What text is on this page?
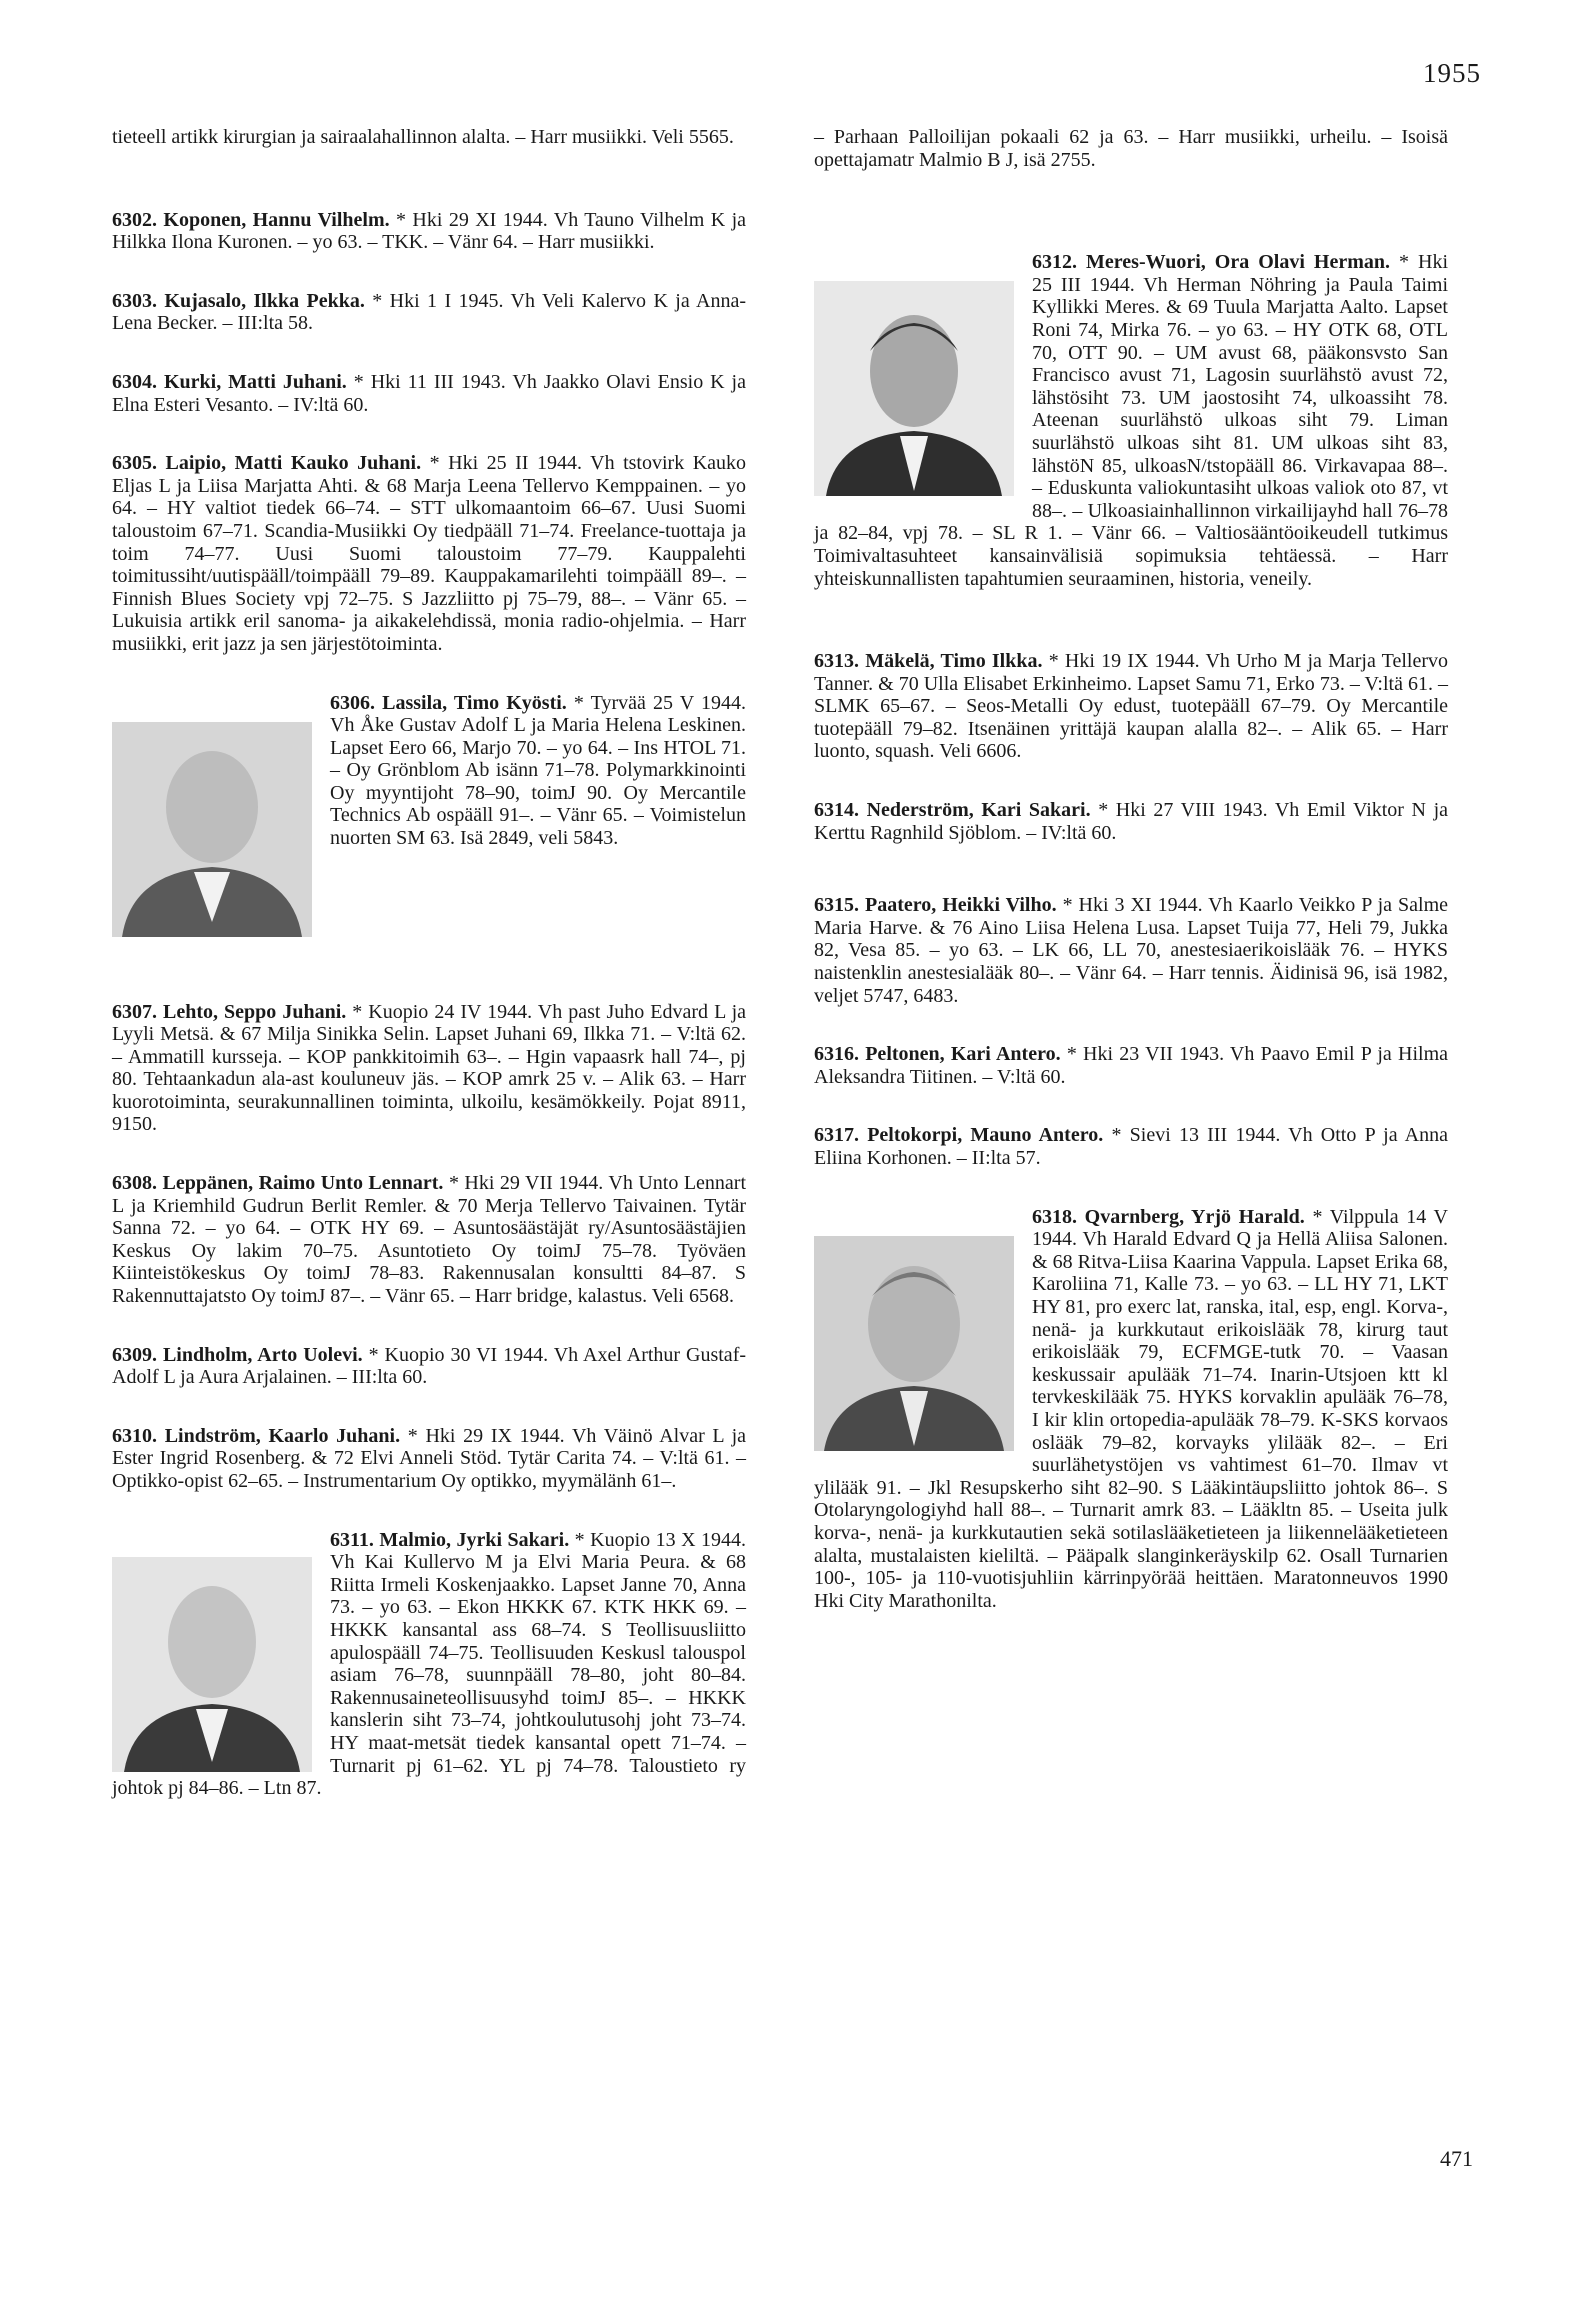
1955

tieteell artikk kirurgian ja sairaalahallinnon alalta. – Harr musiikki. Veli 5565.

6302. Koponen, Hannu Vilhelm. * Hki 29 XI 1944. Vh Tauno Vilhelm K ja Hilkka Ilona Kuronen. – yo 63. – TKK. – Vänr 64. – Harr musiikki.

6303. Kujasalo, Ilkka Pekka. * Hki 1 I 1945. Vh Veli Kalervo K ja Anna-Lena Becker. – III:lta 58.

6304. Kurki, Matti Juhani. * Hki 11 III 1943. Vh Jaakko Olavi Ensio K ja Elna Esteri Vesanto. – IV:ltä 60.

6305. Laipio, Matti Kauko Juhani. * Hki 25 II 1944. Vh tstovirk Kauko Eljas L ja Liisa Marjatta Ahti. & 68 Marja Leena Tellervo Kemppainen. – yo 64. – HY valtiot tiedek 66–74. – STT ulkomaantoim 66–67. Uusi Suomi taloustoim 67–71. Scandia-Musiikki Oy tiedpääll 71–74. Freelance-tuottaja ja toim 74–77. Uusi Suomi taloustoim 77–79. Kauppalehti toimitussiht/uutispääll/toimpääll 79–89. Kauppakamarilehti toimpääll 89–. – Finnish Blues Society vpj 72–75. S Jazzliitto pj 75–79, 88–. – Vänr 65. – Lukuisia artikk eril sanoma- ja aikakelehdissä, monia radio-ohjelmia. – Harr musiikki, erit jazz ja sen järjestötoiminta.

6306. Lassila, Timo Kyösti. * Tyrvää 25 V 1944. Vh Åke Gustav Adolf L ja Maria Helena Leskinen. Lapset Eero 66, Marjo 70. – yo 64. – Ins HTOL 71. – Oy Grönblom Ab isänn 71–78. Polymarkkinointi Oy myyntijoht 78–90, toimJ 90. Oy Mercantile Technics Ab ospääll 91–. – Vänr 65. – Voimistelun nuorten SM 63. Isä 2849, veli 5843.

6307. Lehto, Seppo Juhani. * Kuopio 24 IV 1944. Vh past Juho Edvard L ja Lyyli Metsä. & 67 Milja Sinikka Selin. Lapset Juhani 69, Ilkka 71. – V:ltä 62. – Ammatill kursseja. – KOP pankkitoimih 63–. – Hgin vapaasrk hall 74–, pj 80. Tehtaankadun ala-ast kouluneuv jäs. – KOP amrk 25 v. – Alik 63. – Harr kuorotoiminta, seurakunnallinen toiminta, ulkoilu, kesämökkeily. Pojat 8911, 9150.

6308. Leppänen, Raimo Unto Lennart. * Hki 29 VII 1944. Vh Unto Lennart L ja Kriemhild Gudrun Berlit Remler. & 70 Merja Tellervo Taivainen. Tytär Sanna 72. – yo 64. – OTK HY 69. – Asuntosäästäjät ry/Asuntosäästäjien Keskus Oy lakim 70–75. Asuntotieto Oy toimJ 75–78. Työväen Kiinteistökeskus Oy toimJ 78–83. Rakennusalan konsultti 84–87. S Rakennuttajatsto Oy toimJ 87–. – Vänr 65. – Harr bridge, kalastus. Veli 6568.

6309. Lindholm, Arto Uolevi. * Kuopio 30 VI 1944. Vh Axel Arthur Gustaf-Adolf L ja Aura Arjalainen. – III:lta 60.

6310. Lindström, Kaarlo Juhani. * Hki 29 IX 1944. Vh Väinö Alvar L ja Ester Ingrid Rosenberg. & 72 Elvi Anneli Stöd. Tytär Carita 74. – V:ltä 61. – Optikko-opist 62–65. – Instrumentarium Oy optikko, myymälänh 61–.

6311. Malmio, Jyrki Sakari. * Kuopio 13 X 1944. Vh Kai Kullervo M ja Elvi Maria Peura. & 68 Riitta Irmeli Koskenjaakko. Lapset Janne 70, Anna 73. – yo 63. – Ekon HKKK 67. KTK HKK 69. – HKKK kansantal ass 68–74. S Teollisuusliitto apulospääll 74–75. Teollisuuden Keskusl talouspol asiam 76–78, suunnpääll 78–80, joht 80–84. Rakennusaineteollisuusyhd toimJ 85–. – HKKK kanslerin siht 73–74, johtkoulutusohj joht 73–74. HY maat-metsät tiedek kansantal opett 71–74. – Turnarit pj 61–62. YL pj 74–78. Taloustieto ry johtok pj 84–86. – Ltn 87.

– Parhaan Palloilijan pokaali 62 ja 63. – Harr musiikki, urheilu. – Isoisä opettajamatr Malmio B J, isä 2755.

6312. Meres-Wuori, Ora Olavi Herman. * Hki 25 III 1944. Vh Herman Nöhring ja Paula Taimi Kyllikki Meres. & 69 Tuula Marjatta Aalto. Lapset Roni 74, Mirka 76. – yo 63. – HY OTK 68, OTL 70, OTT 90. – UM avust 68, pääkonsvsto San Francisco avust 71, Lagosin suurlähstö avust 72, lähstösiht 73. UM jaostosiht 74, ulkoassiht 78. Ateenan suurlähstö ulkoas siht 79. Liman suurlähstö ulkoas siht 81. UM ulkoas siht 83, lähstöN 85, ulkoasN/tstopääll 86. Virkavapaa 88–. – Eduskunta valiokuntasiht ulkoas valiok oto 87, vt 88–. – Ulkoasiainhallinnon virkailijayhd hall 76–78 ja 82–84, vpj 78. – SL R 1. – Vänr 66. – Valtiosääntöoikeudell tutkimus Toimivaltasuhteet kansainvälisiä sopimuksia tehtäessä. – Harr yhteiskunnallisten tapahtumien seuraaminen, historia, veneily.

6313. Mäkelä, Timo Ilkka. * Hki 19 IX 1944. Vh Urho M ja Marja Tellervo Tanner. & 70 Ulla Elisabet Erkinheimo. Lapset Samu 71, Erko 73. – V:ltä 61. – SLMK 65–67. – Seos-Metalli Oy edust, tuotepääll 67–79. Oy Mercantile tuotepääll 79–82. Itsenäinen yrittäjä kaupan alalla 82–. – Alik 65. – Harr luonto, squash. Veli 6606.

6314. Nederström, Kari Sakari. * Hki 27 VIII 1943. Vh Emil Viktor N ja Kerttu Ragnhild Sjöblom. – IV:ltä 60.

6315. Paatero, Heikki Vilho. * Hki 3 XI 1944. Vh Kaarlo Veikko P ja Salme Maria Harve. & 76 Aino Liisa Helena Lusa. Lapset Tuija 77, Heli 79, Jukka 82, Vesa 85. – yo 63. – LK 66, LL 70, anestesiaerikoislääk 76. – HYKS naistenklin anestesialääk 80–. – Vänr 64. – Harr tennis. Äidinisä 96, isä 1982, veljet 5747, 6483.

6316. Peltonen, Kari Antero. * Hki 23 VII 1943. Vh Paavo Emil P ja Hilma Aleksandra Tiitinen. – V:ltä 60.

6317. Peltokorpi, Mauno Antero. * Sievi 13 III 1944. Vh Otto P ja Anna Eliina Korhonen. – II:lta 57.

6318. Qvarnberg, Yrjö Harald. * Vilppula 14 V 1944. Vh Harald Edvard Q ja Hellä Aliisa Salonen. & 68 Ritva-Liisa Kaarina Vappula. Lapset Erika 68, Karoliina 71, Kalle 73. – yo 63. – LL HY 71, LKT HY 81, pro exerc lat, ranska, ital, esp, engl. Korva-, nenä- ja kurkkutaut erikoislääk 78, kirurg taut erikoislääk 79, ECFMGE-tutk 70. – Vaasan keskussair apulääk 71–74. Inarin-Utsjoen ktt kl tervkeskilääk 75. HYKS korvaklin apulääk 76–78, I kir klin ortopedia-apulääk 78–79. K-SKS korvaos oslääk 79–82, korvayks ylilääk 82–. – Eri suurlähetystöjen vs vahtimest 61–70. Ilmav vt ylilääk 91. – Jkl Resupskerho siht 82–90. S Lääkintäupsliitto johtok 86–. S Otolaryngologiyhd hall 88–. – Turnarit amrk 83. – Lääkltn 85. – Useita julk korva-, nenä- ja kurkkutautien sekä sotilaslääketieteen ja liikennelääketieteen alalta, mustalaisten kieliltä. – Pääpalk slanginkeräyskilp 62. Osall Turnarien 100-, 105- ja 110-vuotisjuhliin kärrinpyörää heittäen. Maratonneuvos 1990 Hki City Marathonilta.

471
